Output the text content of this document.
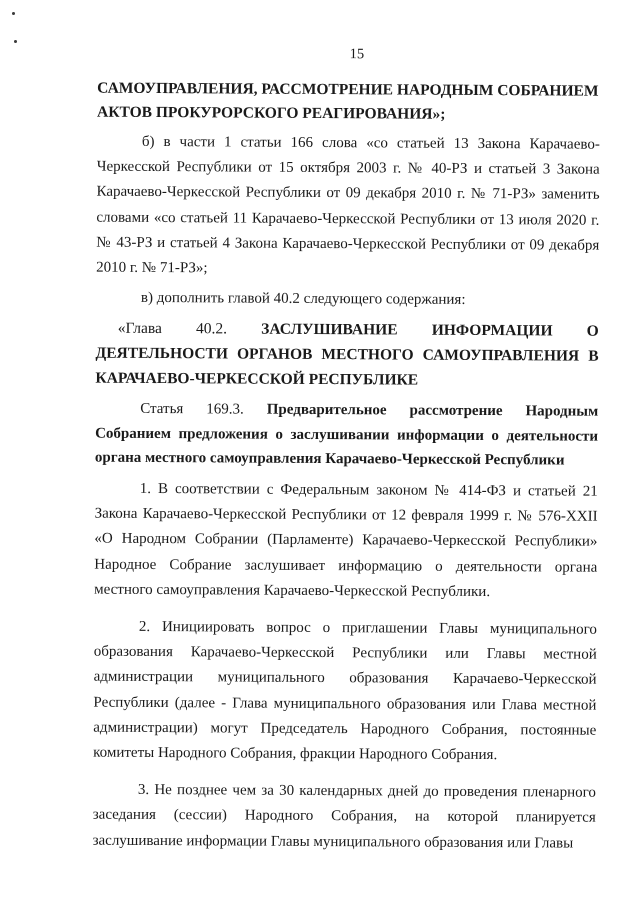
15

САМОУПРАВЛЕНИЯ, РАССМОТРЕНИЕ НАРОДНЫМ СОБРАНИЕМ АКТОВ ПРОКУРОРСКОГО РЕАГИРОВАНИЯ»;

б) в части 1 статьи 166 слова «со статьей 13 Закона Карачаево-Черкесской Республики от 15 октября 2003 г. № 40-РЗ и статьей 3 Закона Карачаево-Черкесской Республики от 09 декабря 2010 г. № 71-РЗ» заменить словами «со статьей 11 Карачаево-Черкесской Республики от 13 июля 2020 г. № 43-РЗ и статьей 4 Закона Карачаево-Черкесской Республики от 09 декабря 2010 г. № 71-РЗ»;

в) дополнить главой 40.2 следующего содержания:

«Глава 40.2. ЗАСЛУШИВАНИЕ ИНФОРМАЦИИ О ДЕЯТЕЛЬНОСТИ ОРГАНОВ МЕСТНОГО САМОУПРАВЛЕНИЯ В КАРАЧАЕВО-ЧЕРКЕССКОЙ РЕСПУБЛИКЕ

Статья 169.3. Предварительное рассмотрение Народным Собранием предложения о заслушивании информации о деятельности органа местного самоуправления Карачаево-Черкесской Республики

1. В соответствии с Федеральным законом № 414-ФЗ и статьей 21 Закона Карачаево-Черкесской Республики от 12 февраля 1999 г. № 576-XXII «О Народном Собрании (Парламенте) Карачаево-Черкесской Республики» Народное Собрание заслушивает информацию о деятельности органа местного самоуправления Карачаево-Черкесской Республики.

2. Инициировать вопрос о приглашении Главы муниципального образования Карачаево-Черкесской Республики или Главы местной администрации муниципального образования Карачаево-Черкесской Республики (далее - Глава муниципального образования или Глава местной администрации) могут Председатель Народного Собрания, постоянные комитеты Народного Собрания, фракции Народного Собрания.

3. Не позднее чем за 30 календарных дней до проведения пленарного заседания (сессии) Народного Собрания, на которой планируется заслушивание информации Главы муниципального образования или Главы
